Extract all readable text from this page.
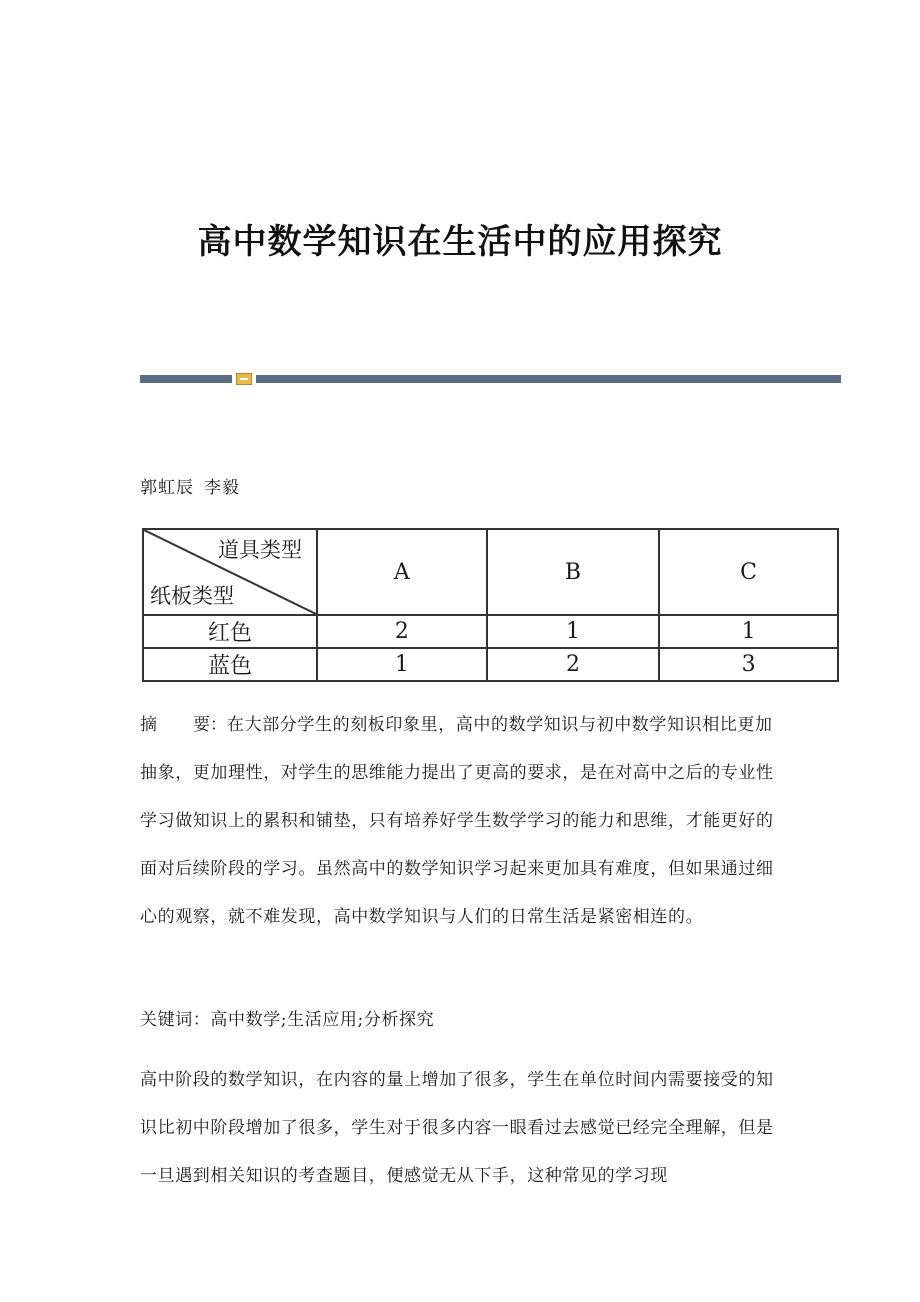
高中数学知识在生活中的应用探究
郭虹辰 李毅
道具类型
纸板类型	A	B	C
红色	2	1	1
蓝色	1	2	3

摘 要：在大部分学生的刻板印象里，高中的数学知识与初中数学知识相比更加抽象，更加理性，对学生的思维能力提出了更高的要求，是在对高中之后的专业性学习做知识上的累积和铺垫，只有培养好学生数学学习的能力和思维，才能更好的面对后续阶段的学习。虽然高中的数学知识学习起来更加具有难度，但如果通过细心的观察，就不难发现，高中数学知识与人们的日常生活是紧密相连的。

关键词：高中数学;生活应用;分析探究

高中阶段的数学知识，在内容的量上增加了很多，学生在单位时间内需要接受的知识比初中阶段增加了很多，学生对于很多内容一眼看过去感觉已经完全理解，但是一旦遇到相关知识的考查题目，便感觉无从下手，这种常见的学习现
